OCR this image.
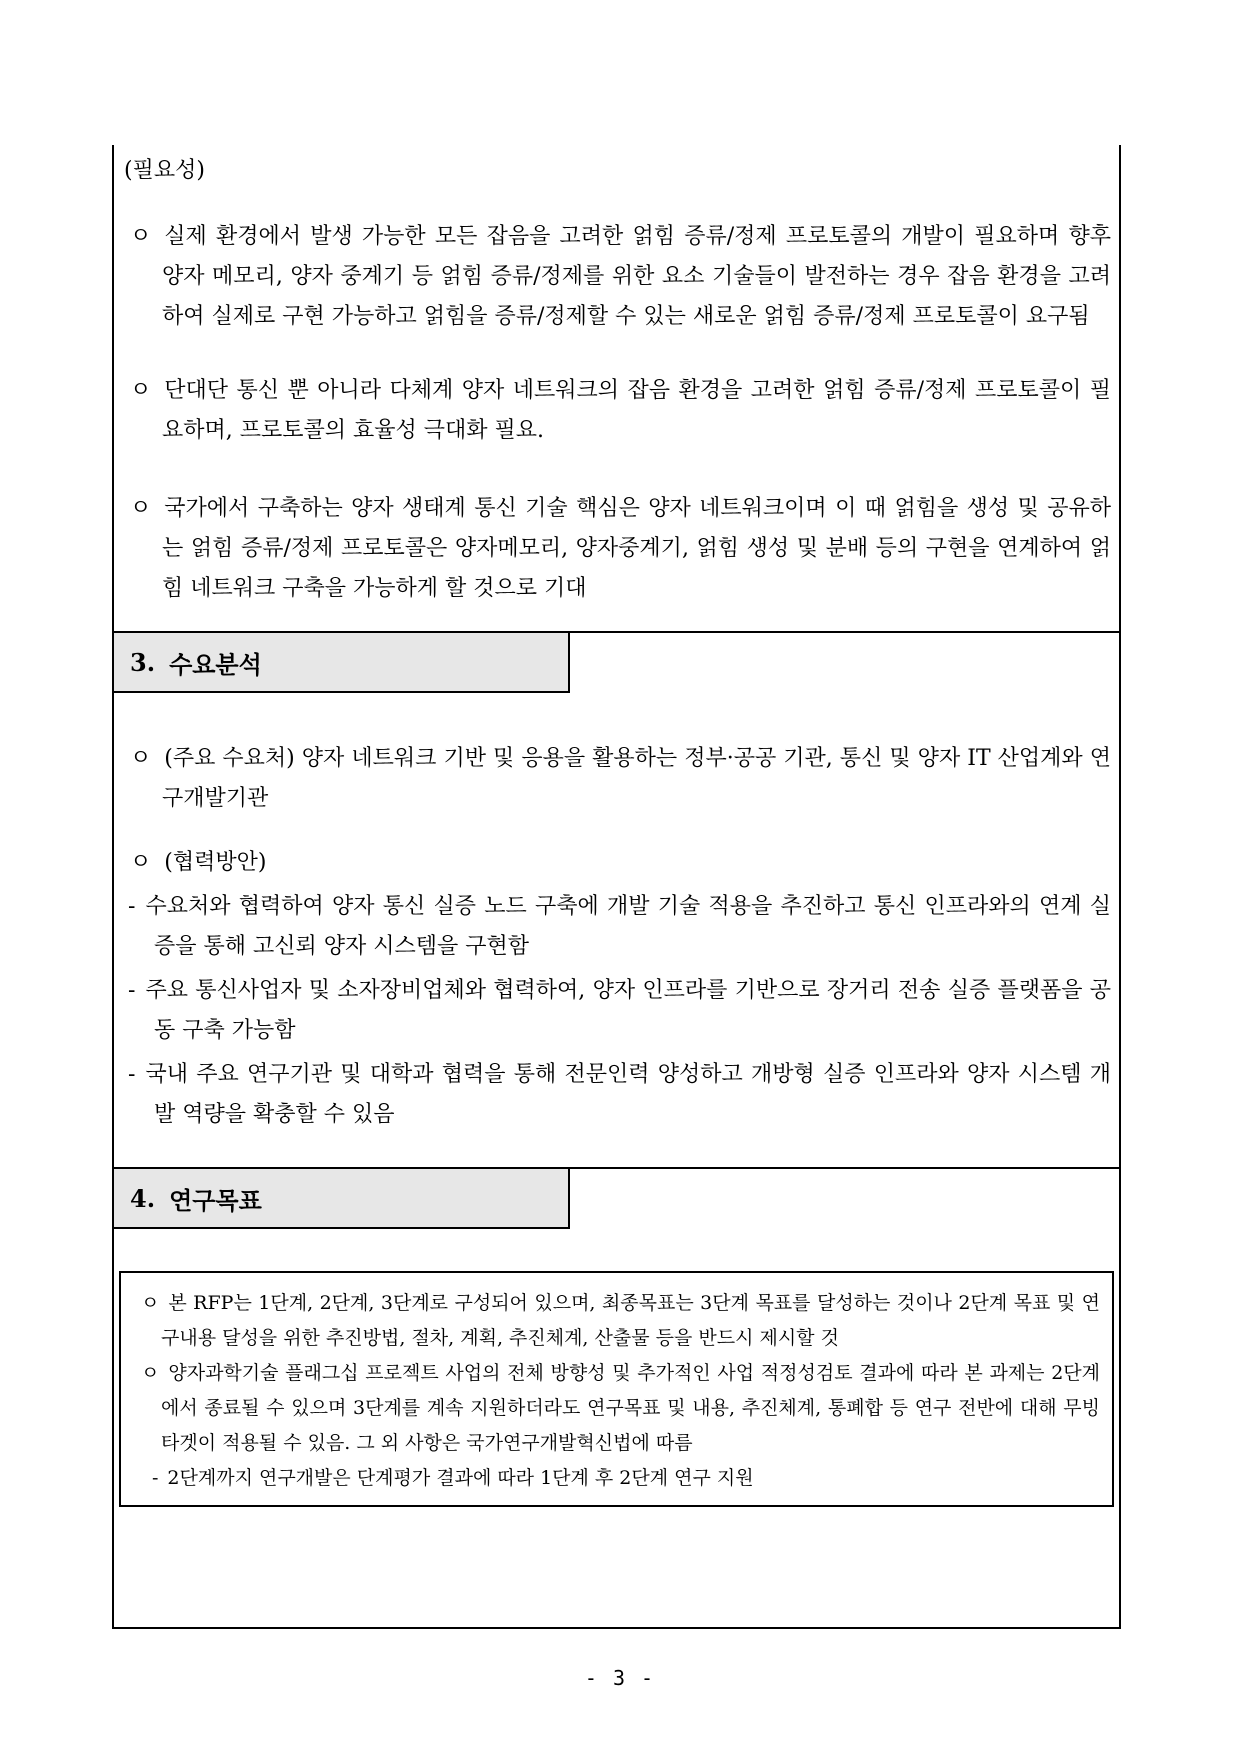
(필요성)
ㅇ 실제 환경에서 발생 가능한 모든 잡음을 고려한 얽힘 증류/정제 프로토콜의 개발이 필요하며 향후 양자 메모리, 양자 중계기 등 얽힘 증류/정제를 위한 요소 기술들이 발전하는 경우 잡음 환경을 고려하여 실제로 구현 가능하고 얽힘을 증류/정제할 수 있는 새로운 얽힘 증류/정제 프로토콜이 요구됨
ㅇ 단대단 통신 뿐 아니라 다체계 양자 네트워크의 잡음 환경을 고려한 얽힘 증류/정제 프로토콜이 필요하며, 프로토콜의 효율성 극대화 필요.
ㅇ 국가에서 구축하는 양자 생태계 통신 기술 핵심은 양자 네트워크이며 이 때 얽힘을 생성 및 공유하는 얽힘 증류/정제 프로토콜은 양자메모리, 양자중계기, 얽힘 생성 및 분배 등의 구현을 연계하여 얽힘 네트워크 구축을 가능하게 할 것으로 기대
3. 수요분석
ㅇ (주요 수요처) 양자 네트워크 기반 및 응용을 활용하는 정부·공공 기관, 통신 및 양자 IT 산업계와 연구개발기관
ㅇ (협력방안)
- 수요처와 협력하여 양자 통신 실증 노드 구축에 개발 기술 적용을 추진하고 통신 인프라와의 연계 실증을 통해 고신뢰 양자 시스템을 구현함
- 주요 통신사업자 및 소자장비업체와 협력하여, 양자 인프라를 기반으로 장거리 전송 실증 플랫폼을 공동 구축 가능함
- 국내 주요 연구기관 및 대학과 협력을 통해 전문인력 양성하고 개방형 실증 인프라와 양자 시스템 개발 역량을 확충할 수 있음
4. 연구목표
ㅇ 본 RFP는 1단계, 2단계, 3단계로 구성되어 있으며, 최종목표는 3단계 목표를 달성하는 것이나 2단계 목표 및 연구내용 달성을 위한 추진방법, 절차, 계획, 추진체계, 산출물 등을 반드시 제시할 것
ㅇ 양자과학기술 플래그십 프로젝트 사업의 전체 방향성 및 추가적인 사업 적정성검토 결과에 따라 본 과제는 2단계에서 종료될 수 있으며 3단계를 계속 지원하더라도 연구목표 및 내용, 추진체계, 통폐합 등 연구 전반에 대해 무빙타겟이 적용될 수 있음. 그 외 사항은 국가연구개발혁신법에 따름
- 2단계까지 연구개발은 단계평가 결과에 따라 1단계 후 2단계 연구 지원
- 3 -
